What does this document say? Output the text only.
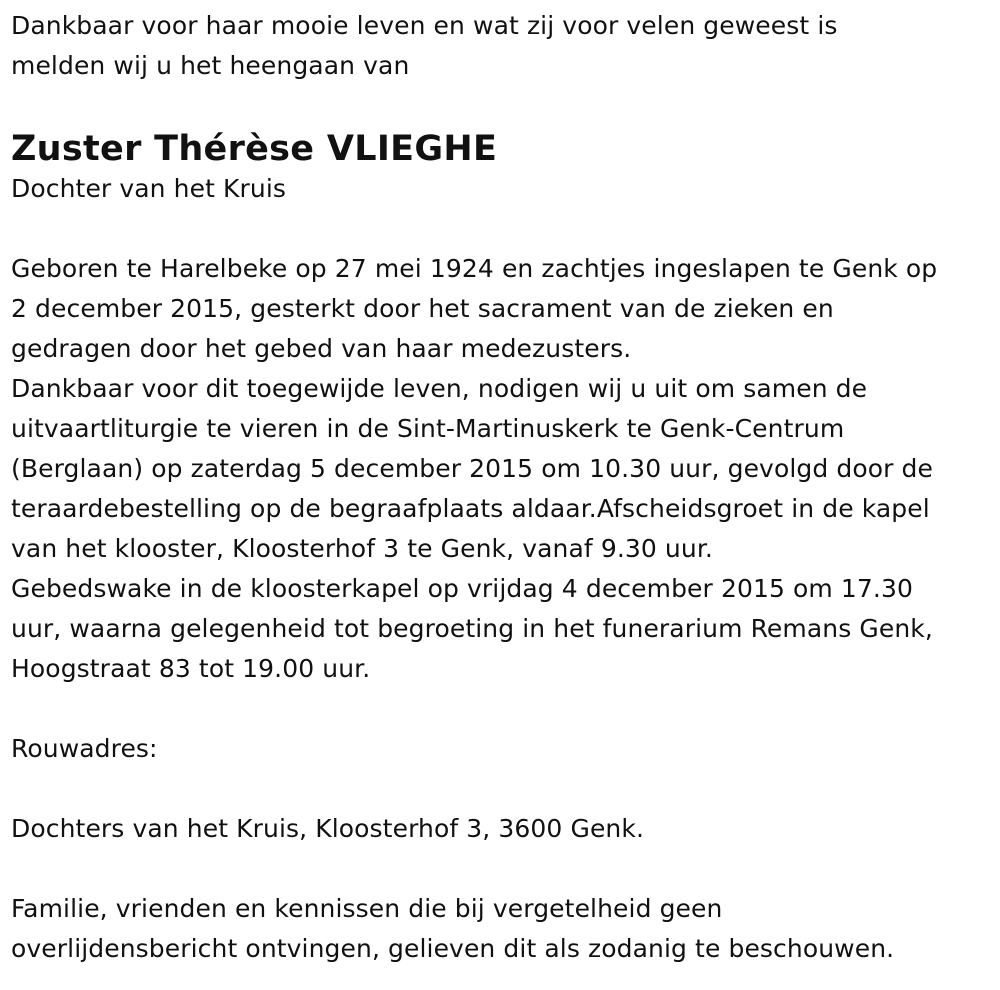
Dankbaar voor haar mooie leven en wat zij voor velen geweest is
melden wij u het heengaan van
Zuster Thérèse VLIEGHE
Dochter van het Kruis
Geboren te Harelbeke op 27 mei 1924 en zachtjes ingeslapen te Genk op
2 december 2015, gesterkt door het sacrament van de zieken en
gedragen door het gebed van haar medezusters.
Dankbaar voor dit toegewijde leven, nodigen wij u uit om samen de
uitvaartliturgie te vieren in de Sint-Martinuskerk te Genk-Centrum
(Berglaan) op zaterdag 5 december 2015 om 10.30 uur, gevolgd door de
teraardebestelling op de begraafplaats aldaar.Afscheidsgroet in de kapel
van het klooster, Kloosterhof 3 te Genk, vanaf 9.30 uur.
Gebedswake in de kloosterkapel op vrijdag 4 december 2015 om 17.30
uur, waarna gelegenheid tot begroeting in het funerarium Remans Genk,
Hoogstraat 83 tot 19.00 uur.
Rouwadres:
Dochters van het Kruis, Kloosterhof 3, 3600 Genk.
Familie, vrienden en kennissen die bij vergetelheid geen
overlijdensbericht ontvingen, gelieven dit als zodanig te beschouwen.
